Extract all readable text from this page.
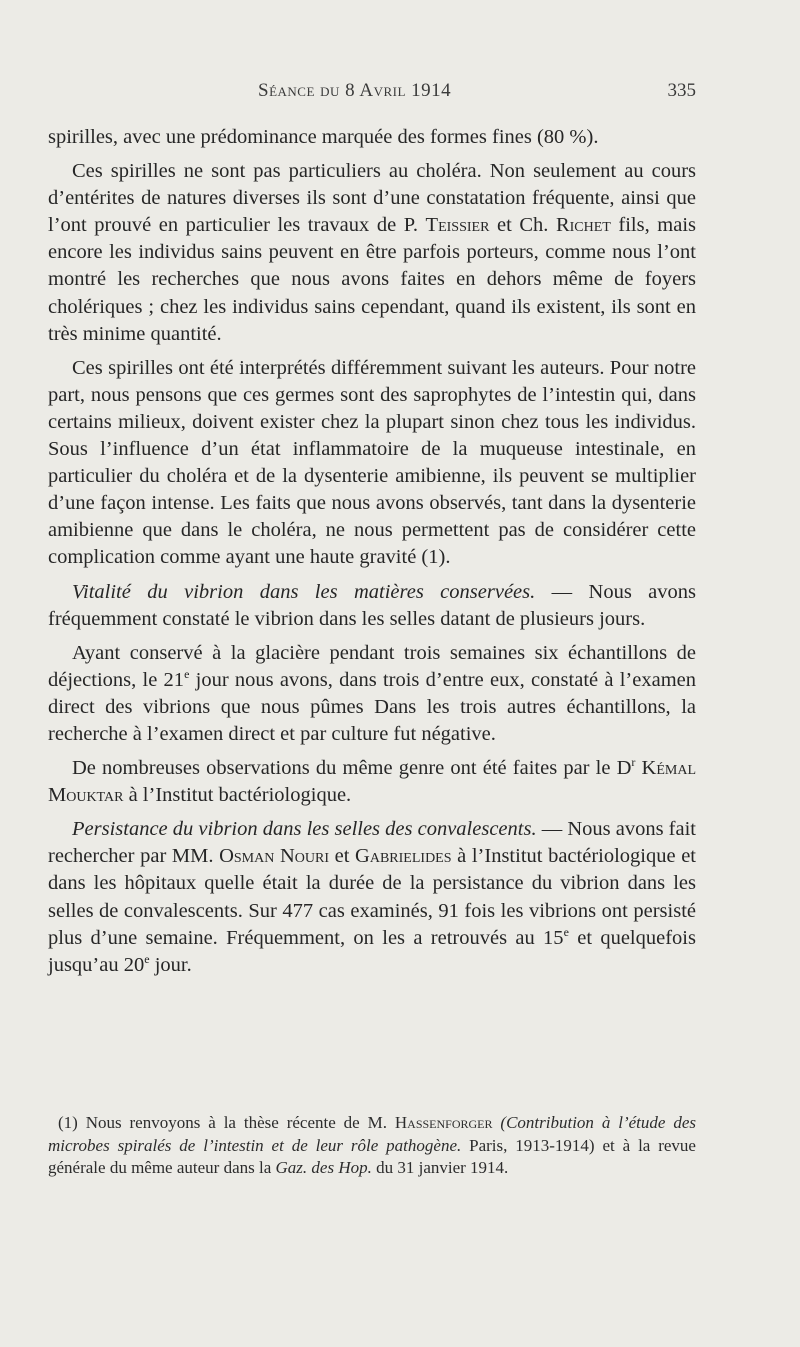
Séance du 8 Avril 1914	335

spirilles, avec une prédominance marquée des formes fines (80 %).

Ces spirilles ne sont pas particuliers au choléra. Non seulement au cours d’entérites de natures diverses ils sont d’une constatation fréquente, ainsi que l’ont prouvé en particulier les travaux de P. Teissier et Ch. Richet fils, mais encore les individus sains peuvent en être parfois porteurs, comme nous l’ont montré les recherches que nous avons faites en dehors même de foyers cholériques ; chez les individus sains cependant, quand ils existent, ils sont en très minime quantité.

Ces spirilles ont été interprétés différemment suivant les auteurs. Pour notre part, nous pensons que ces germes sont des saprophytes de l’intestin qui, dans certains milieux, doivent exister chez la plupart sinon chez tous les individus. Sous l’influence d’un état inflammatoire de la muqueuse intestinale, en particulier du choléra et de la dysenterie amibienne, ils peuvent se multiplier d’une façon intense. Les faits que nous avons observés, tant dans la dysenterie amibienne que dans le choléra, ne nous permettent pas de considérer cette complication comme ayant une haute gravité (1).

Vitalité du vibrion dans les matières conservées. — Nous avons fréquemment constaté le vibrion dans les selles datant de plusieurs jours.

Ayant conservé à la glacière pendant trois semaines six échantillons de déjections, le 21e jour nous avons, dans trois d’entre eux, constaté à l’examen direct des vibrions que nous pûmes Dans les trois autres échantillons, la recherche à l’examen direct et par culture fut négative.

De nombreuses observations du même genre ont été faites par le $D^r$ Kémal Mouktar à l’Institut bactériologique.

Persistance du vibrion dans les selles des convalescents. — Nous avons fait rechercher par MM. Osman Nouri et Gabrielides à l’Institut bactériologique et dans les hôpitaux quelle était la durée de la persistance du vibrion dans les selles de convalescents. Sur 477 cas examinés, 91 fois les vibrions ont persisté plus d’une semaine. Fréquemment, on les a retrouvés au 15e et quelquefois jusqu’au 20e jour.

(1) Nous renvoyons à la thèse récente de M. Hassenforger (Contribution à l’étude des microbes spiralés de l’intestin et de leur rôle pathogène. Paris, 1913-1914) et à la revue générale du même auteur dans la Gaz. des Hop. du 31 janvier 1914.
